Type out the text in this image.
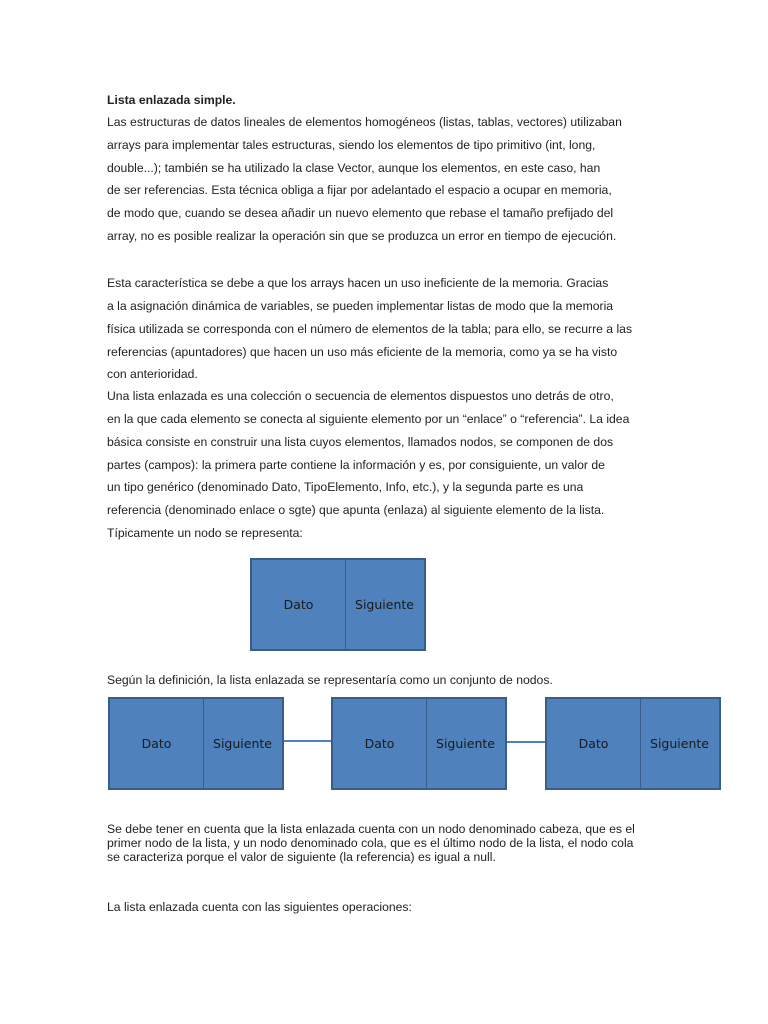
Lista enlazada simple.
Las estructuras de datos lineales de elementos homogéneos (listas, tablas, vectores) utilizaban
arrays para implementar tales estructuras, siendo los elementos de tipo primitivo (int, long,
double...); también se ha utilizado la clase Vector, aunque los elementos, en este caso, han
de ser referencias. Esta técnica obliga a fijar por adelantado el espacio a ocupar en memoria,
de modo que, cuando se desea añadir un nuevo elemento que rebase el tamaño prefijado del
array, no es posible realizar la operación sin que se produzca un error en tiempo de ejecución.
Esta característica se debe a que los arrays hacen un uso ineficiente de la memoria. Gracias
a la asignación dinámica de variables, se pueden implementar listas de modo que la memoria
física utilizada se corresponda con el número de elementos de la tabla; para ello, se recurre a las
referencias (apuntadores) que hacen un uso más eficiente de la memoria, como ya se ha visto
con anterioridad.
Una lista enlazada es una colección o secuencia de elementos dispuestos uno detrás de otro,
en la que cada elemento se conecta al siguiente elemento por un “enlace” o “referencia”. La idea
básica consiste en construir una lista cuyos elementos, llamados nodos, se componen de dos
partes (campos): la primera parte contiene la información y es, por consiguiente, un valor de
un tipo genérico (denominado Dato, TipoElemento, Info, etc.), y la segunda parte es una
referencia (denominado enlace o sgte) que apunta (enlaza) al siguiente elemento de la lista.
Típicamente un nodo se representa:
Dato	Siguiente
Según la definición, la lista enlazada se representaría como un conjunto de nodos.
Dato	Siguiente	Dato	Siguiente	Dato	Siguiente
Se debe tener en cuenta que la lista enlazada cuenta con un nodo denominado cabeza, que es el
primer nodo de la lista, y un nodo denominado cola, que es el último nodo de la lista, el nodo cola
se caracteriza porque el valor de siguiente (la referencia) es igual a null.
La lista enlazada cuenta con las siguientes operaciones:
